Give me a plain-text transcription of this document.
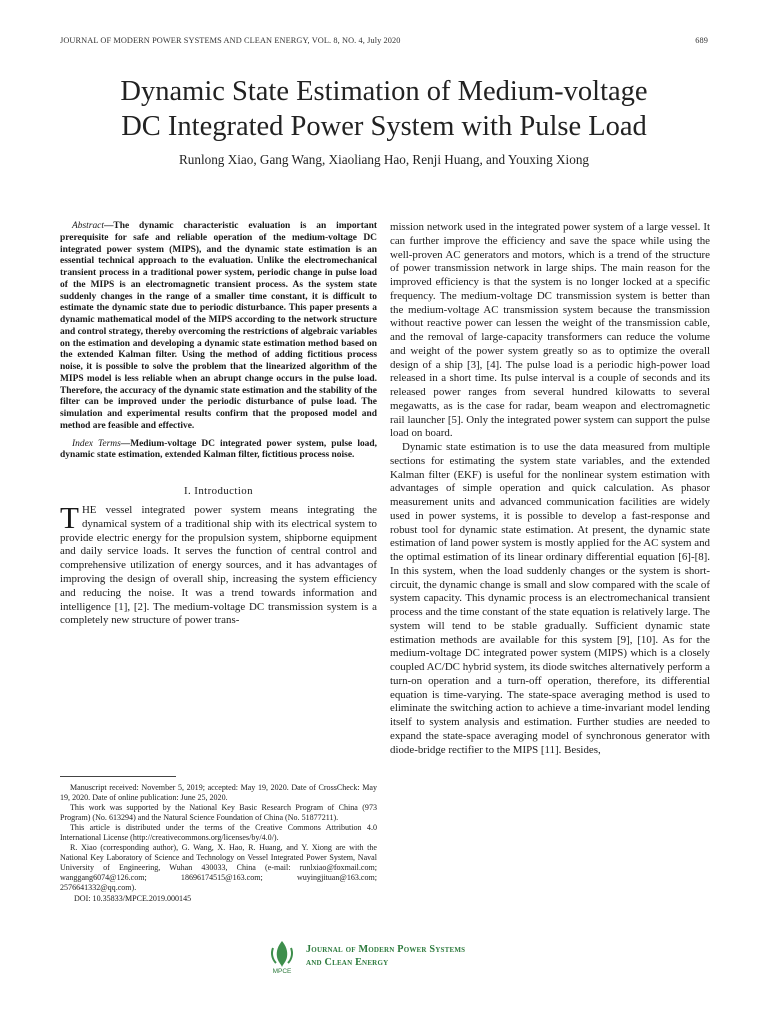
JOURNAL OF MODERN POWER SYSTEMS AND CLEAN ENERGY, VOL. 8, NO. 4, July 2020	689
Dynamic State Estimation of Medium-voltage
DC Integrated Power System with Pulse Load
Runlong Xiao, Gang Wang, Xiaoliang Hao, Renji Huang, and Youxing Xiong

Abstract—The dynamic characteristic evaluation is an important prerequisite for safe and reliable operation of the medium-voltage DC integrated power system (MIPS), and the dynamic state estimation is an essential technical approach to the evaluation. Unlike the electromechanical transient process in a traditional power system, periodic change in pulse load of the MIPS is an electromagnetic transient process. As the system state suddenly changes in the range of a smaller time constant, it is difficult to estimate the dynamic state due to periodic disturbance. This paper presents a dynamic mathematical model of the MIPS according to the network structure and control strategy, thereby overcoming the restrictions of algebraic variables on the estimation and developing a dynamic state estimation method based on the extended Kalman filter. Using the method of adding fictitious process noise, it is possible to solve the problem that the linearized algorithm of the MIPS model is less reliable when an abrupt change occurs in the pulse load. Therefore, the accuracy of the dynamic state estimation and the stability of the filter can be improved under the periodic disturbance of pulse load. The simulation and experimental results confirm that the proposed model and method are feasible and effective.

Index Terms—Medium-voltage DC integrated power system, pulse load, dynamic state estimation, extended Kalman filter, fictitious process noise.

I. Introduction

THE vessel integrated power system means integrating the dynamical system of a traditional ship with its electrical system to provide electric energy for the propulsion system, shipborne equipment and daily service loads. It serves the function of central control and comprehensive utilization of energy sources, and it has advantages of improving the design of overall ship, increasing the system efficiency and reducing the noise. It was a trend towards information and intelligence [1], [2]. The medium-voltage DC transmission system is a completely new structure of power trans-

mission network used in the integrated power system of a large vessel. It can further improve the efficiency and save the space while using the well-proven AC generators and motors, which is a trend of the structure of power transmission network in large ships. The main reason for the improved efficiency is that the system is no longer locked at a specific frequency. The medium-voltage DC transmission system is better than the medium-voltage AC transmission system because the transmission without reactive power can lessen the weight of the transmission cable, and the removal of large-capacity transformers can reduce the volume and weight of the power system greatly so as to optimize the overall design of a ship [3], [4]. The pulse load is a periodic high-power load released in a short time. Its pulse interval is a couple of seconds and its released power ranges from several hundred kilowatts to several megawatts, as is the case for radar, beam weapon and electromagnetic rail launcher [5]. Only the integrated power system can support the pulse load on board.

Dynamic state estimation is to use the data measured from multiple sections for estimating the system state variables, and the extended Kalman filter (EKF) is useful for the nonlinear system estimation with advantages of simple operation and quick calculation. As phasor measurement units and advanced communication facilities are widely used in power systems, it is possible to develop a fast-response and robust tool for dynamic state estimation. At present, the dynamic state estimation of land power system is mostly applied for the AC system and the optimal estimation of its linear ordinary differential equation [6]-[8]. In this system, when the load suddenly changes or the system is short-circuit, the dynamic change is small and slow compared with the scale of system capacity. This dynamic process is an electromechanical transient process and the time constant of the state equation is relatively large. The system will tend to be stable gradually. Sufficient dynamic state estimation methods are available for this system [9], [10]. As for the medium-voltage DC integrated power system (MIPS) which is a closely coupled AC/DC hybrid system, its diode switches alternatively perform a turn-on operation and a turn-off operation, therefore, its differential equation is time-varying. The state-space averaging method is used to eliminate the switching action to achieve a time-invariant model lending itself to system analysis and estimation. Further studies are needed to expand the state-space averaging model of synchronous generator with diode-bridge rectifier to the MIPS [11]. Besides,

Manuscript received: November 5, 2019; accepted: May 19, 2020. Date of CrossCheck: May 19, 2020. Date of online publication: June 25, 2020.

This work was supported by the National Key Basic Research Program of China (973 Program) (No. 613294) and the Natural Science Foundation of China (No. 51877211).

This article is distributed under the terms of the Creative Commons Attribution 4.0 International License (http://creativecommons.org/licenses/by/4.0/).

R. Xiao (corresponding author), G. Wang, X. Hao, R. Huang, and Y. Xiong are with the National Key Laboratory of Science and Technology on Vessel Integrated Power System, Naval University of Engineering, Wuhan 430033, China (e-mail: runlxiao@foxmail.com; wanggang6074@126.com; 18696174515@163.com; wuyingjituan@163.com; 2576641332@qq.com).

DOI: 10.35833/MPCE.2019.000145

MPCE
Journal of Modern Power Systems
and Clean Energy
